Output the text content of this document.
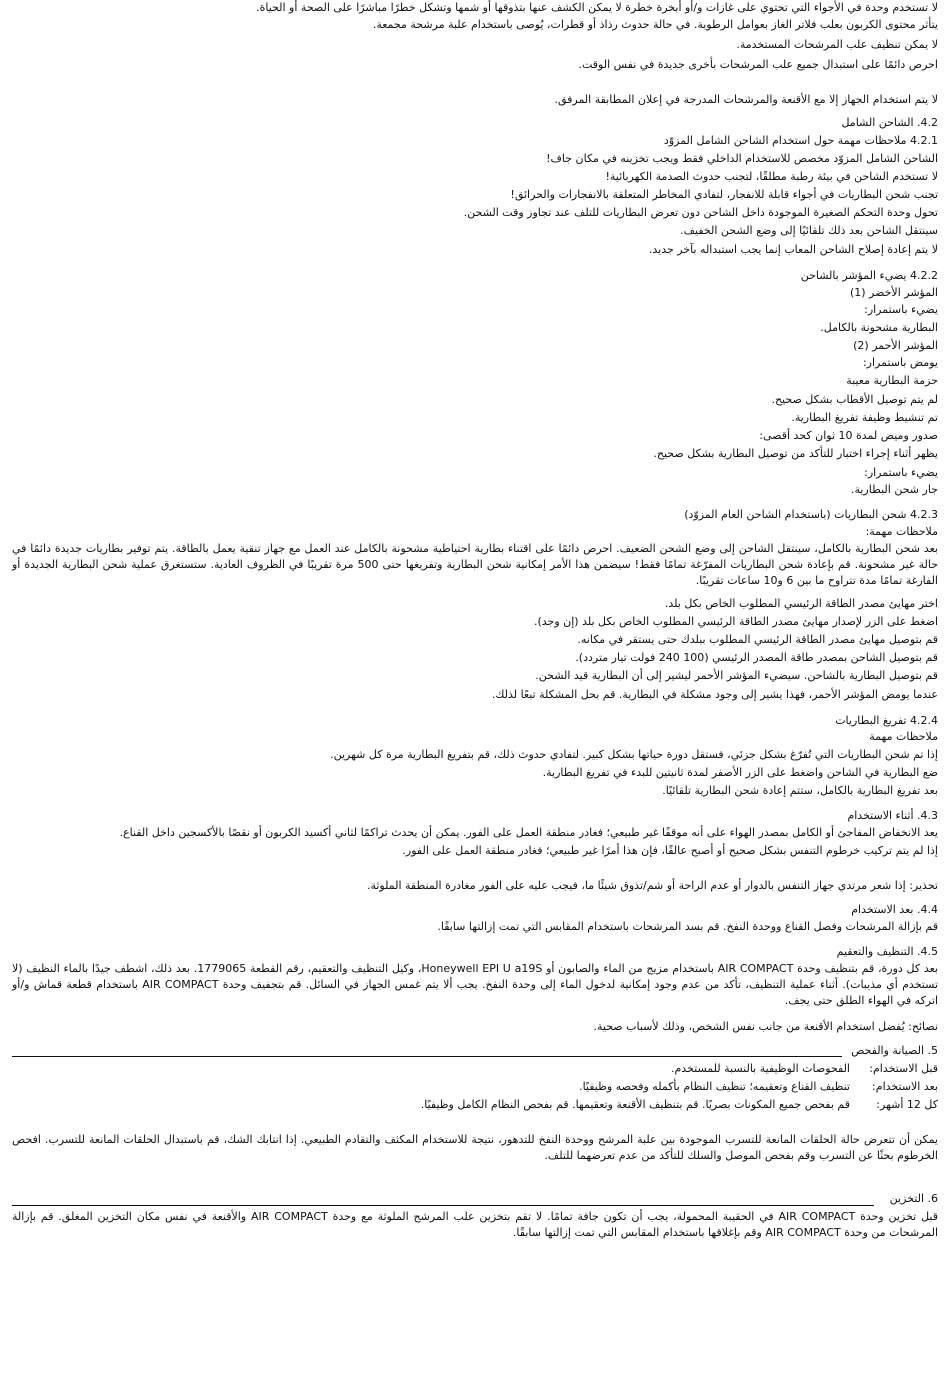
لا تستخدم وحدة في الأجواء التي تحتوي على غازات و/أو أبخرة خطرة لا يمكن الكشف عنها بتذوقها أو شمها وتشكل خطرًا مباشرًا على الصحة أو الحياة.
يتأثر محتوى الكربون بعلب فلاتر الغاز بعوامل الرطوبة. في حالة حدوث رذاذ أو قطرات، يُوصى باستخدام علبة مرشحة مجمعة.
لا يمكن تنظيف علب المرشحات المستخدمة.
احرص دائمًا على استبدال جميع علب المرشحات بأخرى جديدة في نفس الوقت.
لا يتم استخدام الجهاز إلا مع الأقنعة والمرشحات المدرجة في إعلان المطابقة المرفق.
4.2. الشاحن الشامل
4.2.1 ملاحظات مهمة حول استخدام الشاحن الشامل المزوّد
الشاحن الشامل المزوّد مخصص للاستخدام الداخلي فقط ويجب تخزينه في مكان جاف!
لا تستخدم الشاحن في بيئة رطبة مطلقًا، لتجنب حدوث الصدمة الكهربائية!
تجنب شحن البطاريات في أجواء قابلة للانفجار، لتفادي المخاطر المتعلقة بالانفجارات والحرائق!
تحول وحدة التحكم الصغيرة الموجودة داخل الشاحن دون تعرض البطاريات للتلف عند تجاوز وقت الشحن.
سينتقل الشاحن بعد ذلك تلقائيًا إلى وضع الشحن الخفيف.
لا يتم إعادة إصلاح الشاحن المعاب إنما يجب استبداله بآخر جديد.
4.2.2 يضيء المؤشر بالشاحن
المؤشر الأخضر (1)
يضيء باستمرار:
البطارية مشحونة بالكامل.
المؤشر الأحمر (2)
يومض باستمرار:
حزمة البطارية معيبة
لم يتم توصيل الأقطاب بشكل صحيح.
تم تنشيط وظيفة تفريغ البطارية.
صدور وميض لمدة 10 ثوان كحد أقصى:
يظهر أثناء إجراء اختبار للتأكد من توصيل البطارية بشكل صحيح.
يضيء باستمرار:
جار شحن البطارية.
4.2.3 شحن البطاريات (باستخدام الشاحن العام المزوّد)
ملاحظات مهمة:
بعد شحن البطارية بالكامل، سينتقل الشاحن إلى وضع الشحن الضعيف. احرص دائمًا على اقتناء بطارية احتياطية مشحونة بالكامل عند العمل مع جهاز تنقية يعمل بالطاقة. يتم توفير بطاريات جديدة دائمًا في حالة غير مشحونة. قم بإعادة شحن البطاريات المفرّغة تمامًا فقط! سيضمن هذا الأمر إمكانية شحن البطارية وتفريغها حتى 500 مرة تقريبًا في الظروف العادية. ستستغرق عملية شحن البطارية الجديدة أو الفارغة تمامًا مدة تتراوح ما بين 6 و10 ساعات تقريبًا.
اختر مهايئ مصدر الطاقة الرئيسي المطلوب الخاص بكل بلد.
اضغط على الزر لإصدار مهايئ مصدر الطاقة الرئيسي المطلوب الخاص بكل بلد (إن وجد).
قم بتوصيل مهايئ مصدر الطاقة الرئيسي المطلوب ببلدك حتى يستقر في مكانه.
قم بتوصيل الشاحن بمصدر طاقة المصدر الرئيسي (100 240 فولت تيار متردد).
قم بتوصيل البطارية بالشاحن. سيضيء المؤشر الأحمر ليشير إلى أن البطارية قيد الشحن.
عندما يومض المؤشر الأحمر، فهذا يشير إلى وجود مشكلة في البطارية. قم بحل المشكلة تبعًا لذلك.
4.2.4 تفريغ البطاريات
ملاحظات مهمة
إذا تم شحن البطاريات التي تُفرّغ بشكل جزئي، فستقل دورة حياتها بشكل كبير. لتفادي حدوث ذلك، قم بتفريغ البطارية مرة كل شهرين.
ضع البطارية في الشاحن واضغط على الزر الأصفر لمدة ثانيتين للبدء في تفريغ البطارية.
بعد تفريغ البطارية بالكامل، ستتم إعادة شحن البطارية تلقائيًا.
4.3. أثناء الاستخدام
يعد الانخفاض المفاجئ أو الكامل بمصدر الهواء على أنه موقفًا غير طبيعي؛ فغادر منطقة العمل على الفور. يمكن أن يحدث تراكمًا لثاني أكسيد الكربون أو نقصًا بالأكسجين داخل القناع.
إذا لم يتم تركيب خرطوم التنفس بشكل صحيح أو أصبح عالقًا، فإن هذا أمرًا غير طبيعي؛ فغادر منطقة العمل على الفور.
تحذير: إذا شعر مرتدي جهاز التنفس بالدوار أو عدم الراحة أو شم/تذوق شيئًا ما، فيجب عليه على الفور مغادرة المنطقة الملوثة.
4.4. بعد الاستخدام
قم بإزالة المرشحات وفصل القناع ووحدة النفخ. قم بسد المرشحات باستخدام المقابس التي تمت إزالتها سابقًا.
4.5. التنظيف والتعقيم
بعد كل دورة، قم بتنظيف وحدة AIR COMPACT باستخدام مزيج من الماء والصابون أو Honeywell EPI U a19S، وكيل التنظيف والتعقيم، رقم القطعة 1779065. بعد ذلك، اشطف جيدًا بالماء النظيف (لا تستخدم أي مذيبات). أثناء عملية التنظيف، تأكد من عدم وجود إمكانية لدخول الماء إلى وحدة النفخ. يجب ألا يتم غمس الجهاز في السائل. قم بتجفيف وحدة AIR COMPACT باستخدام قطعة قماش و/أو اتركه في الهواء الطلق حتى يجف.
نصائح: يُفضل استخدام الأقنعة من جانب نفس الشخص، وذلك لأسباب صحية.
5. الصيانة والفحص
قبل الاستخدام:
الفحوصات الوظيفية بالنسبة للمستخدم.
بعد الاستخدام:
تنظيف القناع وتعقيمه؛ تنظيف النظام بأكمله وفحصه وظيفيًا.
كل 12 أشهر:
قم بفحص جميع المكونات بصريًا. قم بتنظيف الأقنعة وتعقيمها. قم بفحص النظام الكامل وظيفيًا.
يمكن أن تتعرض حالة الحلقات المانعة للتسرب الموجودة بين علبة المرشح ووحدة النفخ للتدهور، نتيجة للاستخدام المكثف والتقادم الطبيعي. إذا انتابك الشك، قم باستبدال الحلقات المانعة للتسرب. افحص الخرطوم بحثًا عن التسرب وقم بفحص الموصل والسلك للتأكد من عدم تعرضهما للتلف.
6. التخزين
قبل تخزين وحدة AIR COMPACT في الحقيبة المحمولة، يجب أن تكون جافة تمامًا. لا تقم بتخزين علب المرشح الملوثة مع وحدة AIR COMPACT والأقنعة في نفس مكان التخزين المغلق. قم بإزالة المرشحات من وحدة AIR COMPACT وقم بإغلاقها باستخدام المقابس التي تمت إزالتها سابقًا.
